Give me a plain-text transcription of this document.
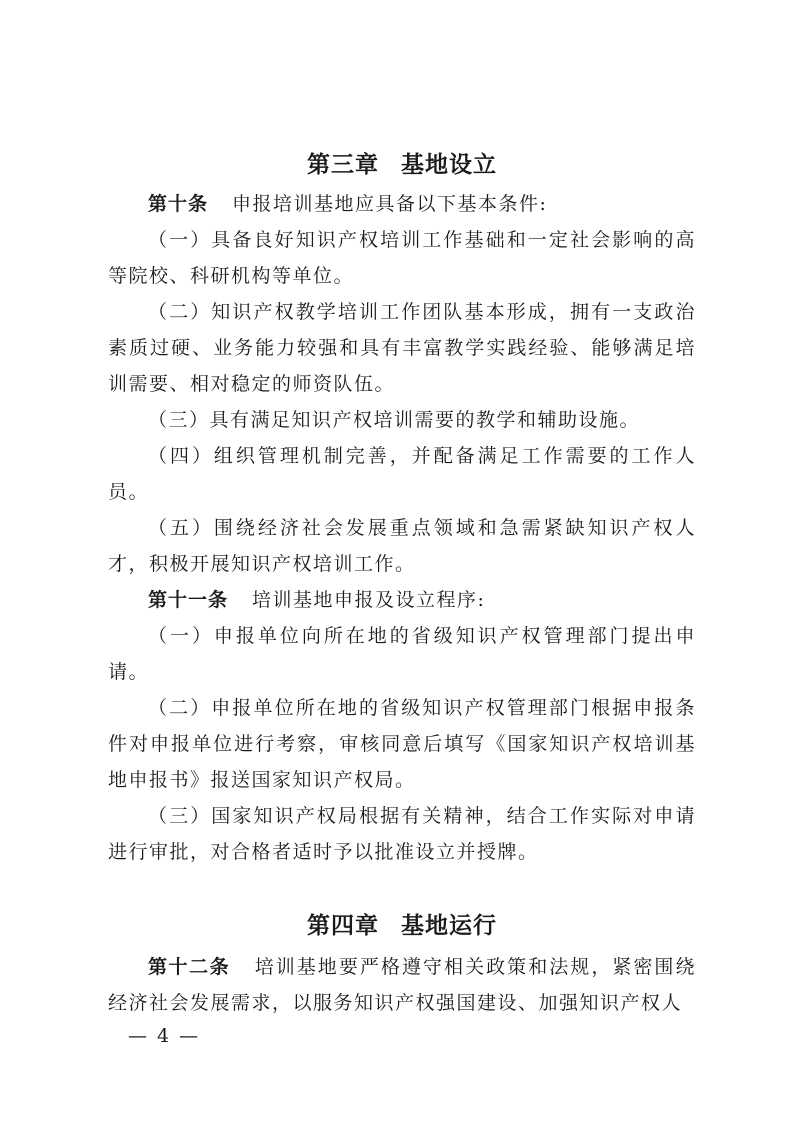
第三章 基地设立

第十条 申报培训基地应具备以下基本条件:

（一）具备良好知识产权培训工作基础和一定社会影响的高等院校、科研机构等单位。

（二）知识产权教学培训工作团队基本形成，拥有一支政治素质过硬、业务能力较强和具有丰富教学实践经验、能够满足培训需要、相对稳定的师资队伍。

（三）具有满足知识产权培训需要的教学和辅助设施。

（四）组织管理机制完善，并配备满足工作需要的工作人员。

（五）围绕经济社会发展重点领域和急需紧缺知识产权人才，积极开展知识产权培训工作。

第十一条 培训基地申报及设立程序:

（一）申报单位向所在地的省级知识产权管理部门提出申请。

（二）申报单位所在地的省级知识产权管理部门根据申报条件对申报单位进行考察，审核同意后填写《国家知识产权培训基地申报书》报送国家知识产权局。

（三）国家知识产权局根据有关精神，结合工作实际对申请进行审批，对合格者适时予以批准设立并授牌。

第四章 基地运行

第十二条 培训基地要严格遵守相关政策和法规，紧密围绕经济社会发展需求，以服务知识产权强国建设、加强知识产权人

— 4 —
